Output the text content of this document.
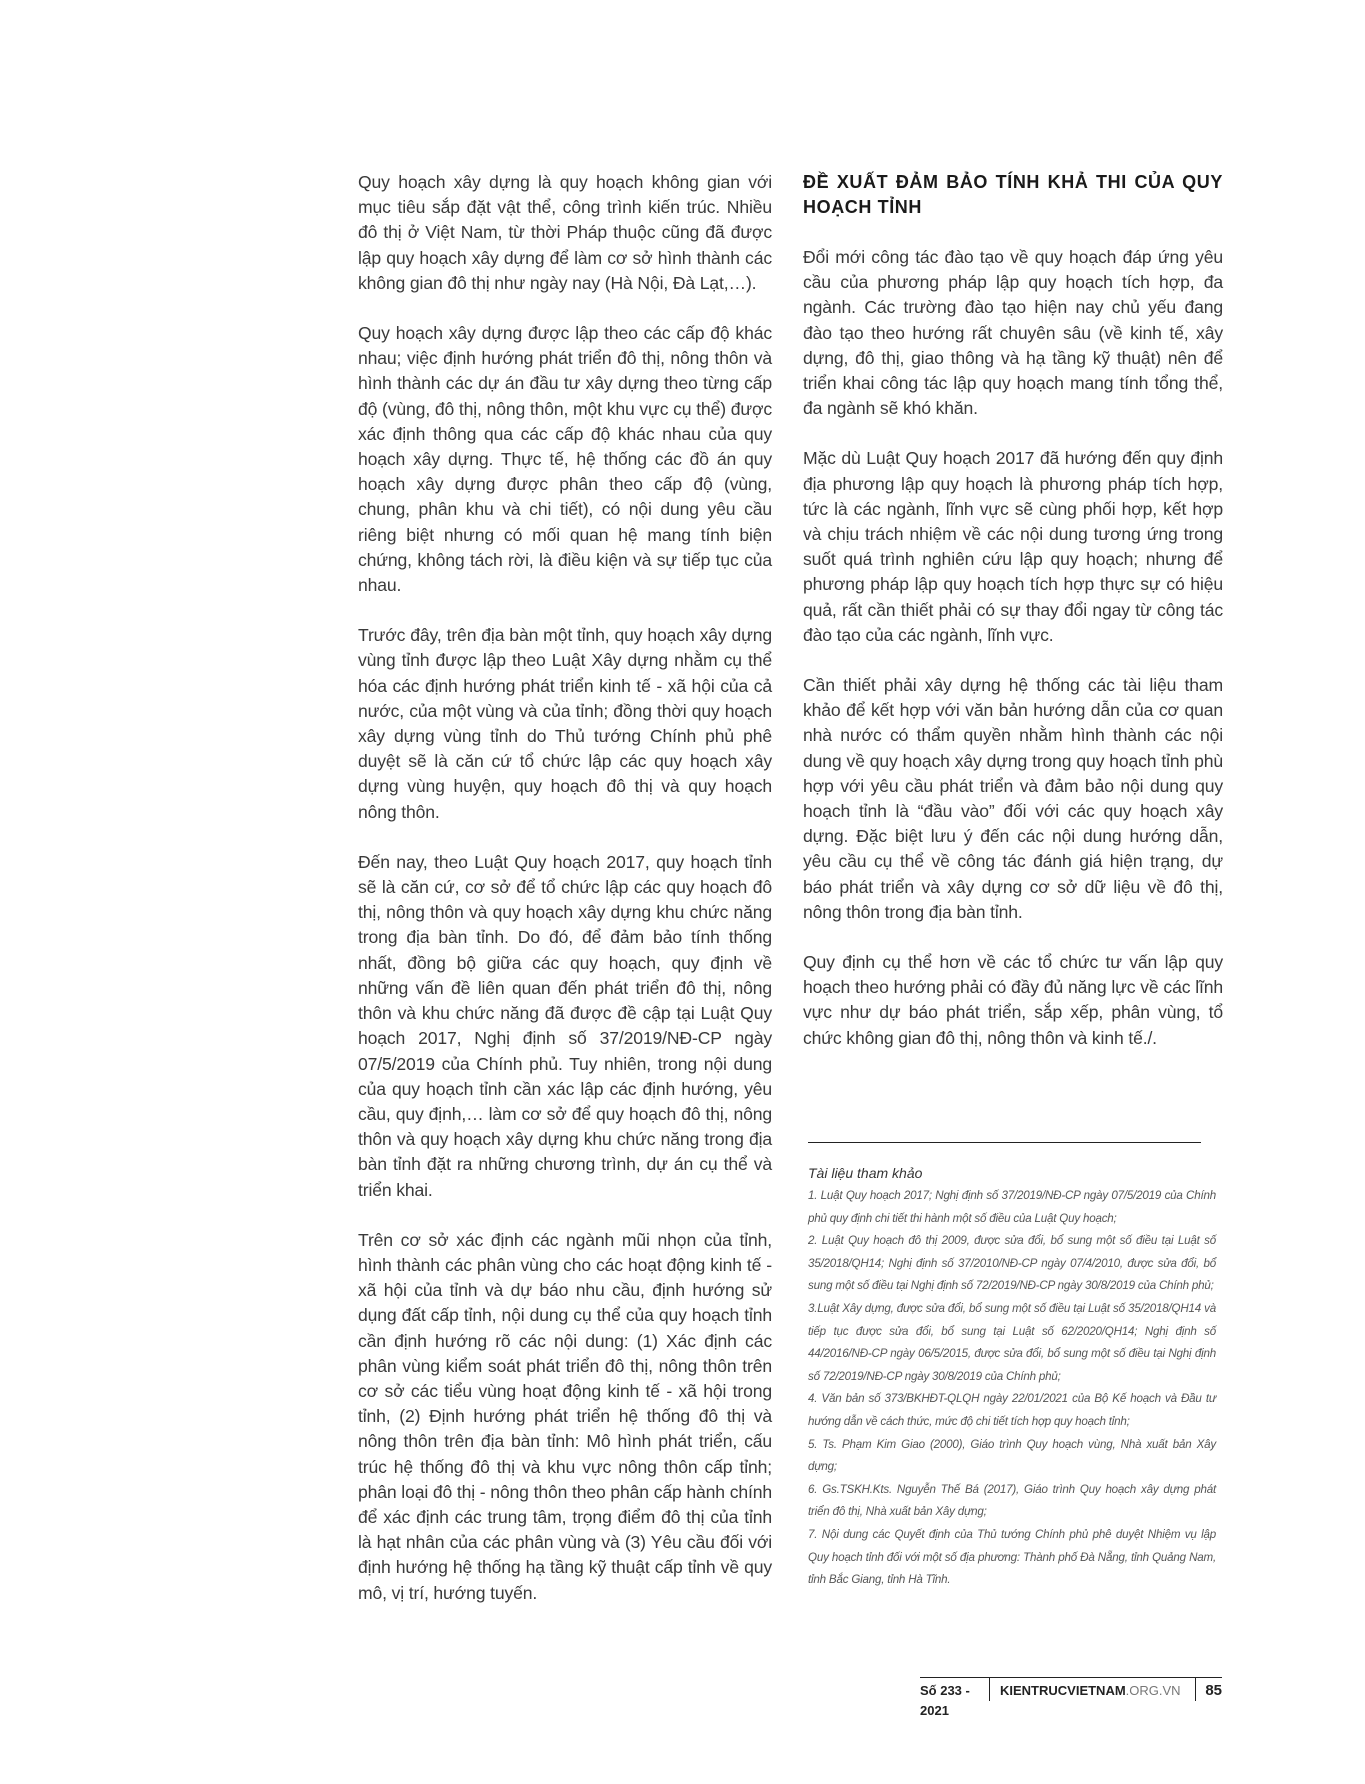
Quy hoạch xây dựng là quy hoạch không gian với mục tiêu sắp đặt vật thể, công trình kiến trúc. Nhiều đô thị ở Việt Nam, từ thời Pháp thuộc cũng đã được lập quy hoạch xây dựng để làm cơ sở hình thành các không gian đô thị như ngày nay (Hà Nội, Đà Lạt,…).

Quy hoạch xây dựng được lập theo các cấp độ khác nhau; việc định hướng phát triển đô thị, nông thôn và hình thành các dự án đầu tư xây dựng theo từng cấp độ (vùng, đô thị, nông thôn, một khu vực cụ thể) được xác định thông qua các cấp độ khác nhau của quy hoạch xây dựng. Thực tế, hệ thống các đồ án quy hoạch xây dựng được phân theo cấp độ (vùng, chung, phân khu và chi tiết), có nội dung yêu cầu riêng biệt nhưng có mối quan hệ mang tính biện chứng, không tách rời, là điều kiện và sự tiếp tục của nhau.

Trước đây, trên địa bàn một tỉnh, quy hoạch xây dựng vùng tỉnh được lập theo Luật Xây dựng nhằm cụ thể hóa các định hướng phát triển kinh tế - xã hội của cả nước, của một vùng và của tỉnh; đồng thời quy hoạch xây dựng vùng tỉnh do Thủ tướng Chính phủ phê duyệt sẽ là căn cứ tổ chức lập các quy hoạch xây dựng vùng huyện, quy hoạch đô thị và quy hoạch nông thôn.

Đến nay, theo Luật Quy hoạch 2017, quy hoạch tỉnh sẽ là căn cứ, cơ sở để tổ chức lập các quy hoạch đô thị, nông thôn và quy hoạch xây dựng khu chức năng trong địa bàn tỉnh. Do đó, để đảm bảo tính thống nhất, đồng bộ giữa các quy hoạch, quy định về những vấn đề liên quan đến phát triển đô thị, nông thôn và khu chức năng đã được đề cập tại Luật Quy hoạch 2017, Nghị định số 37/2019/NĐ-CP ngày 07/5/2019 của Chính phủ. Tuy nhiên, trong nội dung của quy hoạch tỉnh cần xác lập các định hướng, yêu cầu, quy định,… làm cơ sở để quy hoạch đô thị, nông thôn và quy hoạch xây dựng khu chức năng trong địa bàn tỉnh đặt ra những chương trình, dự án cụ thể và triển khai.

Trên cơ sở xác định các ngành mũi nhọn của tỉnh, hình thành các phân vùng cho các hoạt động kinh tế - xã hội của tỉnh và dự báo nhu cầu, định hướng sử dụng đất cấp tỉnh, nội dung cụ thể của quy hoạch tỉnh cần định hướng rõ các nội dung: (1) Xác định các phân vùng kiểm soát phát triển đô thị, nông thôn trên cơ sở các tiểu vùng hoạt động kinh tế - xã hội trong tỉnh, (2) Định hướng phát triển hệ thống đô thị và nông thôn trên địa bàn tỉnh: Mô hình phát triển, cấu trúc hệ thống đô thị và khu vực nông thôn cấp tỉnh; phân loại đô thị - nông thôn theo phân cấp hành chính để xác định các trung tâm, trọng điểm đô thị của tỉnh là hạt nhân của các phân vùng và (3) Yêu cầu đối với định hướng hệ thống hạ tầng kỹ thuật cấp tỉnh về quy mô, vị trí, hướng tuyến.

ĐỀ XUẤT ĐẢM BẢO TÍNH KHẢ THI CỦA QUY HOẠCH TỈNH

Đổi mới công tác đào tạo về quy hoạch đáp ứng yêu cầu của phương pháp lập quy hoạch tích hợp, đa ngành. Các trường đào tạo hiện nay chủ yếu đang đào tạo theo hướng rất chuyên sâu (về kinh tế, xây dựng, đô thị, giao thông và hạ tầng kỹ thuật) nên để triển khai công tác lập quy hoạch mang tính tổng thể, đa ngành sẽ khó khăn.

Mặc dù Luật Quy hoạch 2017 đã hướng đến quy định địa phương lập quy hoạch là phương pháp tích hợp, tức là các ngành, lĩnh vực sẽ cùng phối hợp, kết hợp và chịu trách nhiệm về các nội dung tương ứng trong suốt quá trình nghiên cứu lập quy hoạch; nhưng để phương pháp lập quy hoạch tích hợp thực sự có hiệu quả, rất cần thiết phải có sự thay đổi ngay từ công tác đào tạo của các ngành, lĩnh vực.

Cần thiết phải xây dựng hệ thống các tài liệu tham khảo để kết hợp với văn bản hướng dẫn của cơ quan nhà nước có thẩm quyền nhằm hình thành các nội dung về quy hoạch xây dựng trong quy hoạch tỉnh phù hợp với yêu cầu phát triển và đảm bảo nội dung quy hoạch tỉnh là “đầu vào” đối với các quy hoạch xây dựng. Đặc biệt lưu ý đến các nội dung hướng dẫn, yêu cầu cụ thể về công tác đánh giá hiện trạng, dự báo phát triển và xây dựng cơ sở dữ liệu về đô thị, nông thôn trong địa bàn tỉnh.

Quy định cụ thể hơn về các tổ chức tư vấn lập quy hoạch theo hướng phải có đầy đủ năng lực về các lĩnh vực như dự báo phát triển, sắp xếp, phân vùng, tổ chức không gian đô thị, nông thôn và kinh tế./.

Tài liệu tham khảo
1. Luật Quy hoạch 2017; Nghị định số 37/2019/NĐ-CP ngày 07/5/2019 của Chính phủ quy định chi tiết thi hành một số điều của Luật Quy hoạch;
2. Luật Quy hoạch đô thị 2009, được sửa đổi, bổ sung một số điều tại Luật số 35/2018/QH14; Nghị định số 37/2010/NĐ-CP ngày 07/4/2010, được sửa đổi, bổ sung một số điều tại Nghị định số 72/2019/NĐ-CP ngày 30/8/2019 của Chính phủ;
3.Luật Xây dựng, được sửa đổi, bổ sung một số điều tại Luật số 35/2018/QH14 và tiếp tục được sửa đổi, bổ sung tại Luật số 62/2020/QH14; Nghị định số 44/2016/NĐ-CP ngày 06/5/2015, được sửa đổi, bổ sung một số điều tại Nghị định số 72/2019/NĐ-CP ngày 30/8/2019 của Chính phủ;
4. Văn bản số 373/BKHĐT-QLQH ngày 22/01/2021 của Bộ Kế hoạch và Đầu tư hướng dẫn về cách thức, mức độ chi tiết tích hợp quy hoạch tỉnh;
5. Ts. Phạm Kim Giao (2000), Giáo trình Quy hoạch vùng, Nhà xuất bản Xây dựng;
6. Gs.TSKH.Kts. Nguyễn Thế Bá (2017), Giáo trình Quy hoạch xây dựng phát triển đô thị, Nhà xuất bản Xây dựng;
7. Nội dung các Quyết định của Thủ tướng Chính phủ phê duyệt Nhiệm vụ lập Quy hoạch tỉnh đối với một số địa phương: Thành phố Đà Nẵng, tỉnh Quảng Nam, tỉnh Bắc Giang, tỉnh Hà Tĩnh.
Số 233 - 2021
KIENTRUCVIETNAM.ORG.VN	85
